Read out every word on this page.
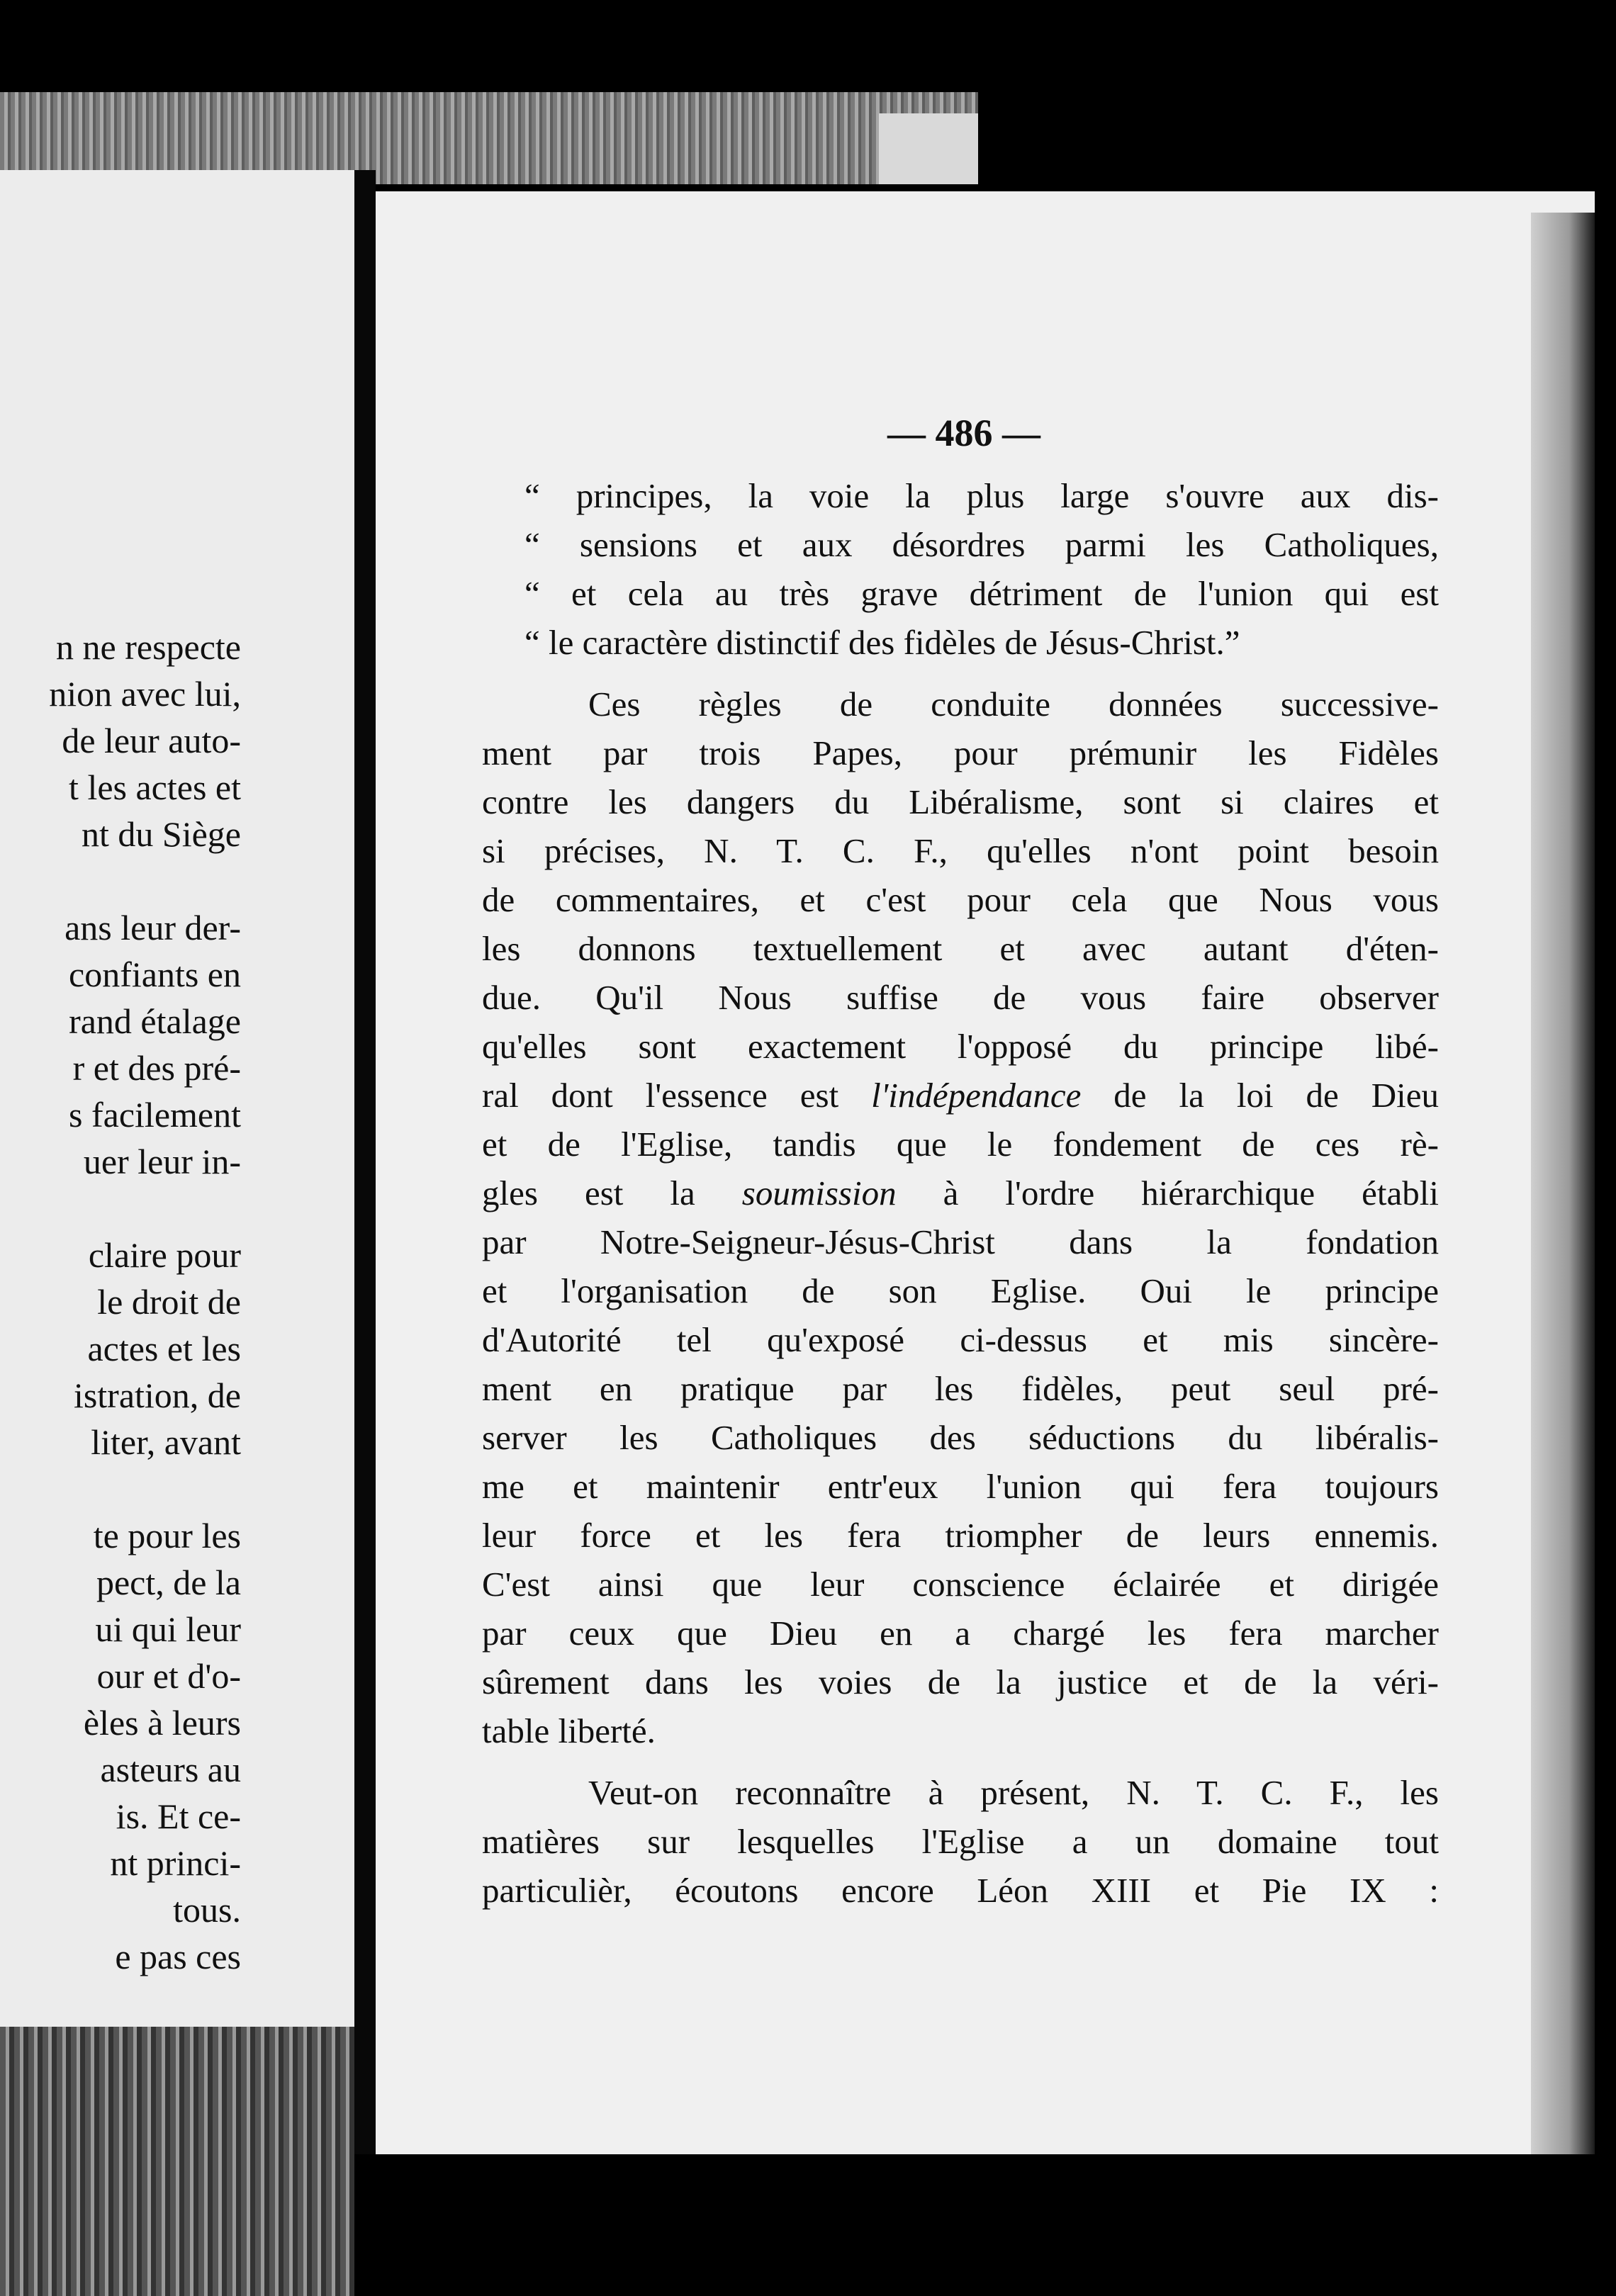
n ne respecte
nion avec lui,
de leur auto-
t les actes et
nt du Siège
ans leur der-
confiants en
rand étalage
r et des pré-
s facilement
uer leur in-
claire pour
le droit de
actes et les
istration, de
liter, avant
te pour les
pect, de la
ui qui leur
our et d'o-
èles à leurs
asteurs au
is. Et ce-
nt princi-
tous.
e pas ces
— 486 —
“ principes, la voie la plus large s'ouvre aux dis-
“ sensions et aux désordres parmi les Catholiques,
“ et cela au très grave détriment de l'union qui est
“ le caractère distinctif des fidèles de Jésus-Christ.”
Ces règles de conduite données successive-
ment par trois Papes, pour prémunir les Fidèles
contre les dangers du Libéralisme, sont si claires et
si précises, N. T. C. F., qu'elles n'ont point besoin
de commentaires, et c'est pour cela que Nous vous
les donnons textuellement et avec autant d'éten-
due. Qu'il Nous suffise de vous faire observer
qu'elles sont exactement l'opposé du principe libé-
ral dont l'essence est l'indépendance de la loi de Dieu
et de l'Eglise, tandis que le fondement de ces rè-
gles est la soumission à l'ordre hiérarchique établi
par Notre-Seigneur-Jésus-Christ dans la fondation
et l'organisation de son Eglise. Oui le principe
d'Autorité tel qu'exposé ci-dessus et mis sincère-
ment en pratique par les fidèles, peut seul pré-
server les Catholiques des séductions du libéralis-
me et maintenir entr'eux l'union qui fera toujours
leur force et les fera triompher de leurs ennemis.
C'est ainsi que leur conscience éclairée et dirigée
par ceux que Dieu en a chargé les fera marcher
sûrement dans les voies de la justice et de la véri-
table liberté.
Veut-on reconnaître à présent, N. T. C. F., les
matières sur lesquelles l'Eglise a un domaine tout
particulièr, écoutons encore Léon XIII et Pie IX :
